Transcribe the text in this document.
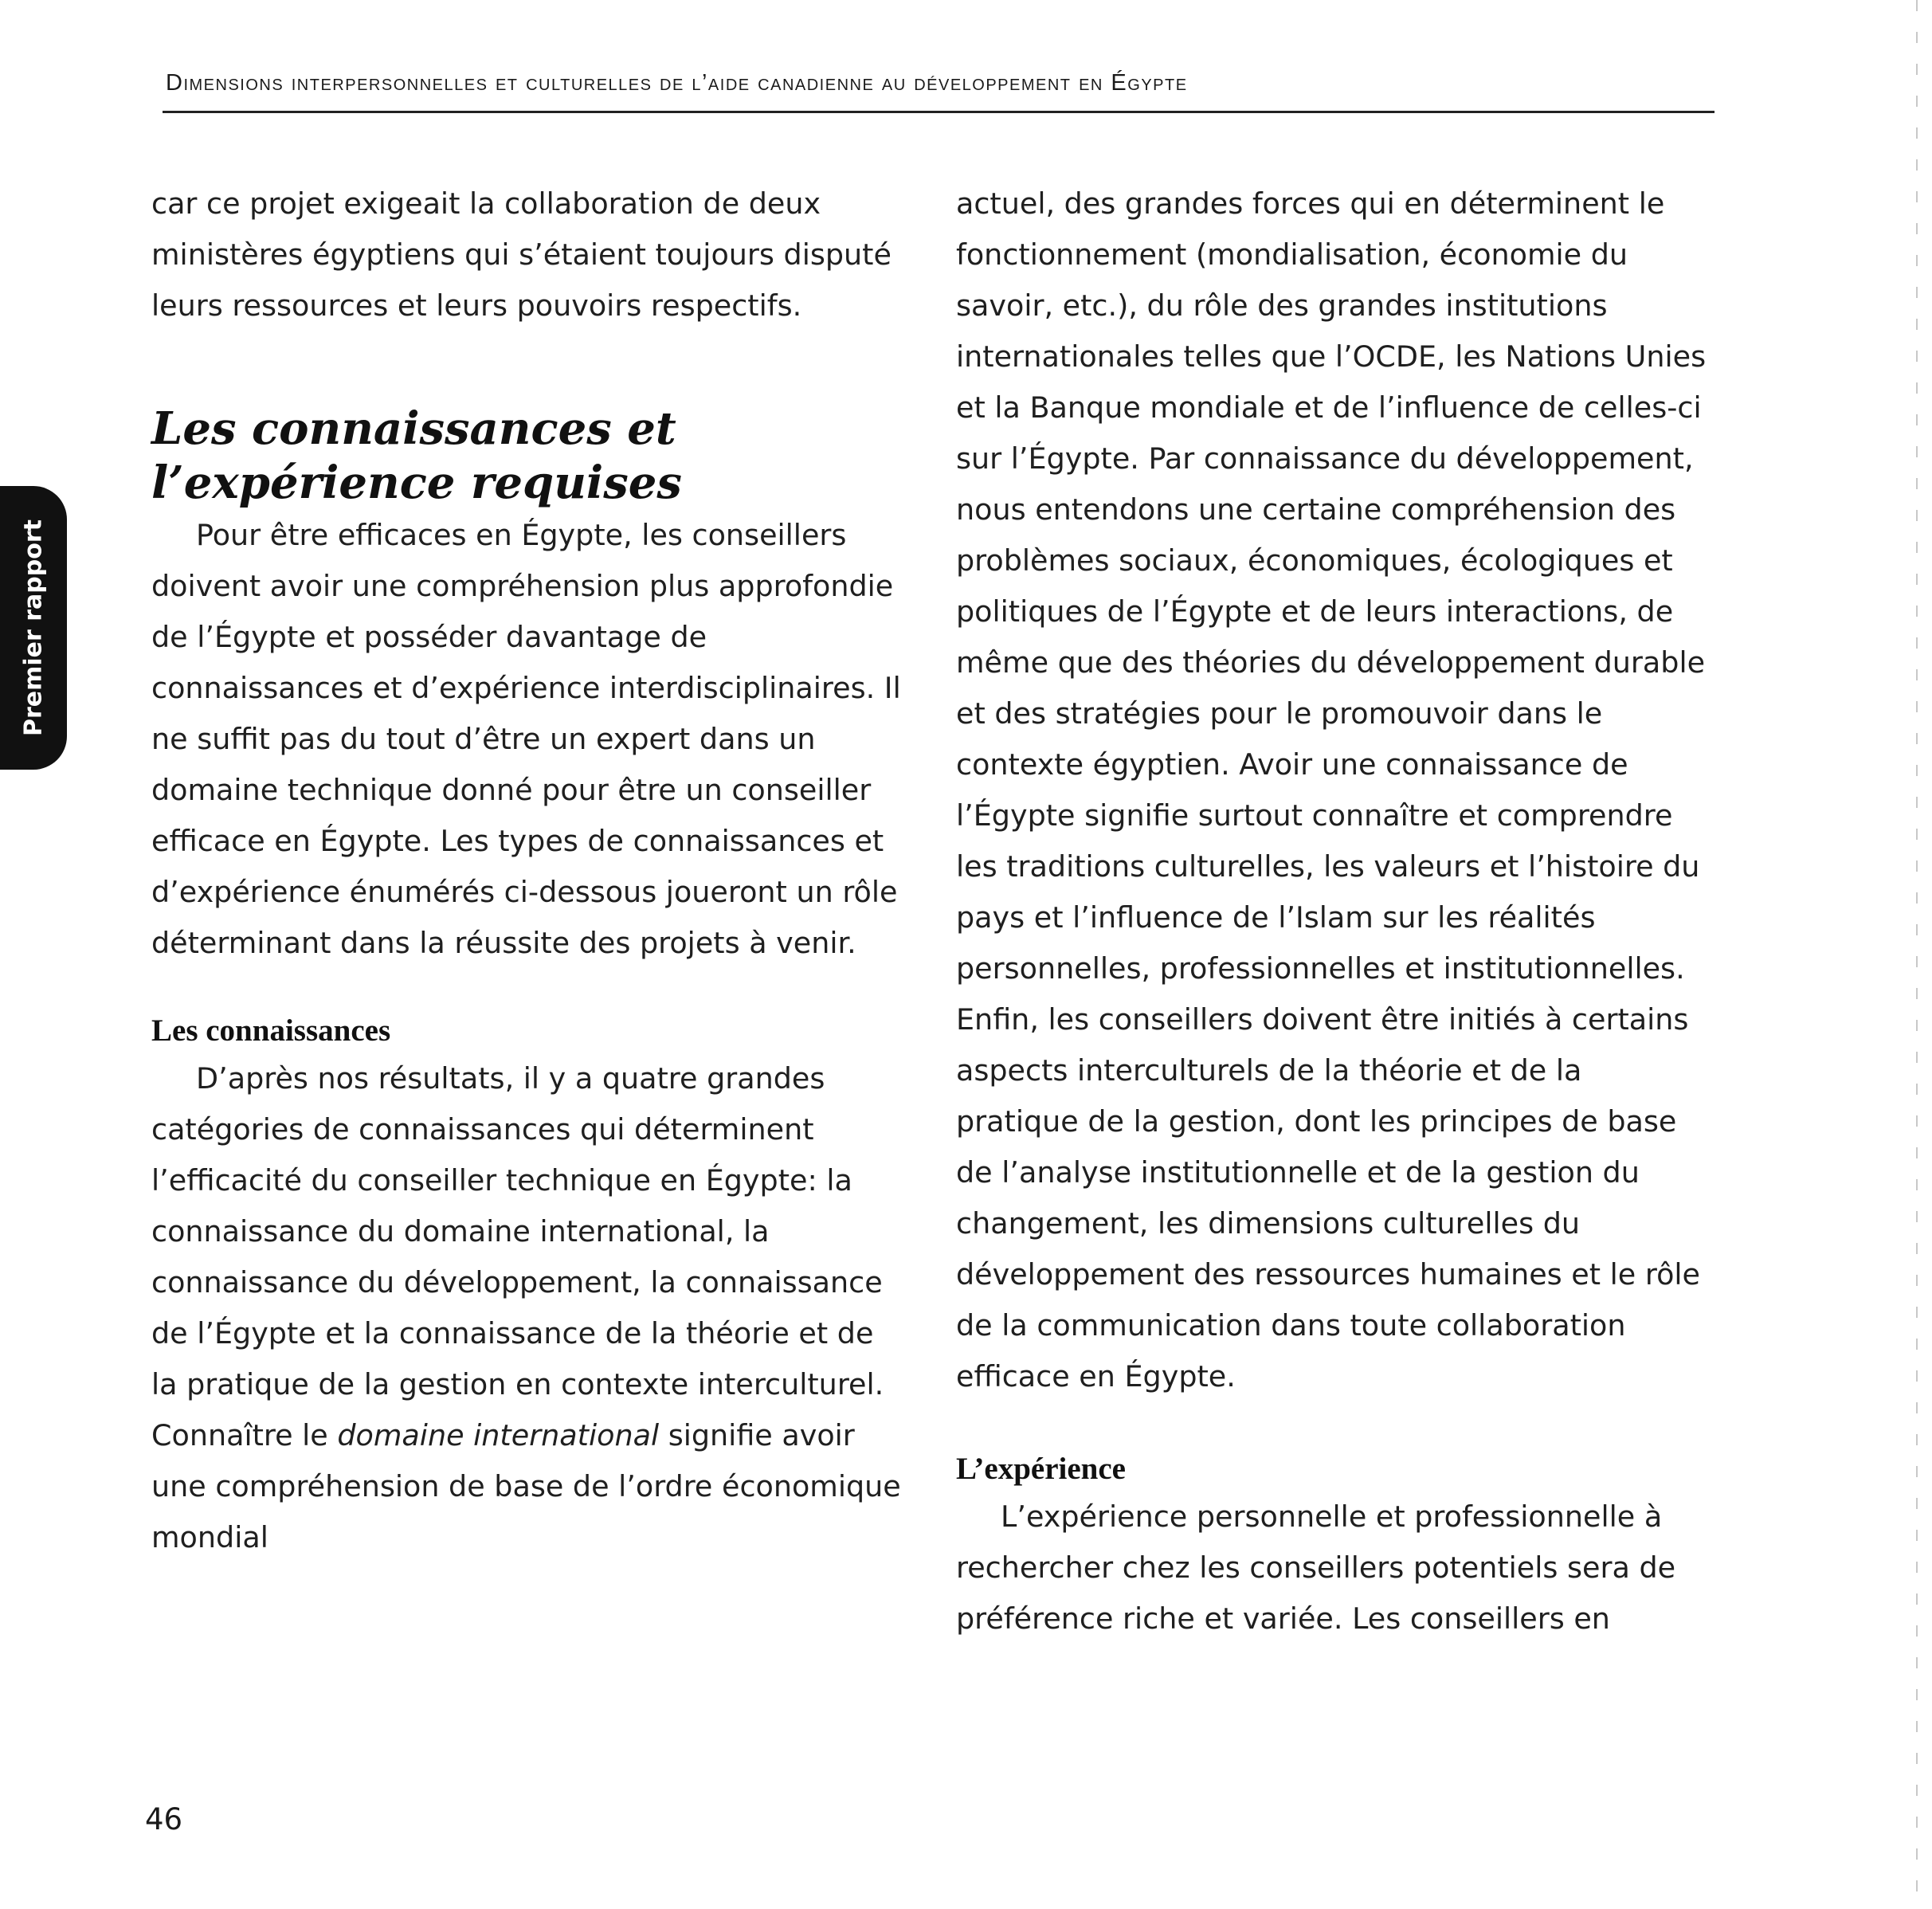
Dimensions interpersonnelles et culturelles de l’aide canadienne au développement en Égypte
Premier rapport

car ce projet exigeait la collaboration de deux ministères égyptiens qui s’étaient toujours disputé leurs ressources et leurs pouvoirs respectifs.

Les connaissances et
l’expérience requises

Pour être efficaces en Égypte, les conseillers doivent avoir une compréhension plus approfondie de l’Égypte et posséder davantage de connaissances et d’expérience interdisciplinaires. Il ne suffit pas du tout d’être un expert dans un domaine technique donné pour être un conseiller efficace en Égypte. Les types de connaissances et d’expérience énumérés ci-dessous joueront un rôle déterminant dans la réussite des projets à venir.

Les connaissances

D’après nos résultats, il y a quatre grandes catégories de connaissances qui déterminent l’efficacité du conseiller technique en Égypte: la connaissance du domaine international, la connaissance du développement, la connaissance de l’Égypte et la connaissance de la théorie et de la pratique de la gestion en contexte interculturel. Connaître le domaine international signifie avoir une compréhension de base de l’ordre économique mondial

actuel, des grandes forces qui en déterminent le fonctionnement (mondialisation, économie du savoir, etc.), du rôle des grandes institutions internationales telles que l’OCDE, les Nations Unies et la Banque mondiale et de l’influence de celles-ci sur l’Égypte. Par connaissance du développement, nous entendons une certaine compréhension des problèmes sociaux, économiques, écologiques et politiques de l’Égypte et de leurs interactions, de même que des théories du développement durable et des stratégies pour le promouvoir dans le contexte égyptien. Avoir une connaissance de l’Égypte signifie surtout connaître et comprendre les traditions culturelles, les valeurs et l’histoire du pays et l’influence de l’Islam sur les réalités personnelles, professionnelles et institutionnelles. Enfin, les conseillers doivent être initiés à certains aspects interculturels de la théorie et de la pratique de la gestion, dont les principes de base de l’analyse institutionnelle et de la gestion du changement, les dimensions culturelles du développement des ressources humaines et le rôle de la communication dans toute collaboration efficace en Égypte.

L’expérience

L’expérience personnelle et professionnelle à rechercher chez les conseillers potentiels sera de préférence riche et variée. Les conseillers en

46
